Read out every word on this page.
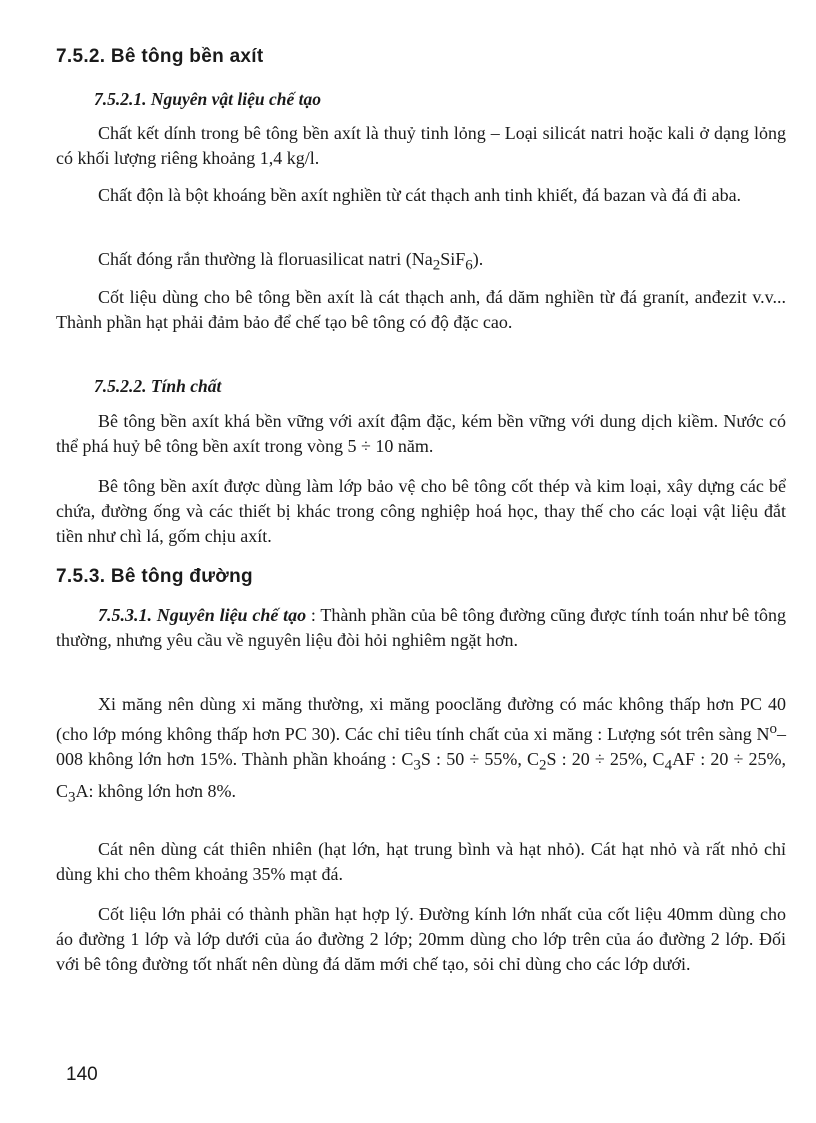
7.5.2. Bê tông bền axít
7.5.2.1. Nguyên vật liệu chế tạo

Chất kết dính trong bê tông bền axít là thuỷ tinh lỏng – Loại silicát natri hoặc kali ở dạng lỏng có khối lượng riêng khoảng 1,4 kg/l.

Chất độn là bột khoáng bền axít nghiền từ cát thạch anh tinh khiết, đá bazan và đá đi aba.

Chất đóng rắn thường là floruasilicat natri $(Na_2SiF_6)$.

Cốt liệu dùng cho bê tông bền axít là cát thạch anh, đá dăm nghiền từ đá granít, anđezit v.v... Thành phần hạt phải đảm bảo để chế tạo bê tông có độ đặc cao.

7.5.2.2. Tính chất

Bê tông bền axít khá bền vững với axít đậm đặc, kém bền vững với dung dịch kiềm. Nước có thể phá huỷ bê tông bền axít trong vòng 5 ÷ 10 năm.

Bê tông bền axít được dùng làm lớp bảo vệ cho bê tông cốt thép và kim loại, xây dựng các bể chứa, đường ống và các thiết bị khác trong công nghiệp hoá học, thay thế cho các loại vật liệu đắt tiền như chì lá, gốm chịu axít.

7.5.3. Bê tông đường

7.5.3.1. Nguyên liệu chế tạo : Thành phần của bê tông đường cũng được tính toán như bê tông thường, nhưng yêu cầu về nguyên liệu đòi hỏi nghiêm ngặt hơn.

Xi măng nên dùng xi măng thường, xi măng pooclăng đường có mác không thấp hơn PC 40 (cho lớp móng không thấp hơn PC 30). Các chỉ tiêu tính chất của xi măng : Lượng sót trên sàng $N^o-008$ không lớn hơn 15%. Thành phần khoáng : $C_3S$ : 50 ÷ 55%, $C_2S$ : 20 ÷ 25%, $C_4AF$ : 20 ÷ 25%, $C_3A$: không lớn hơn 8%.

Cát nên dùng cát thiên nhiên (hạt lớn, hạt trung bình và hạt nhỏ). Cát hạt nhỏ và rất nhỏ chỉ dùng khi cho thêm khoảng 35% mạt đá.

Cốt liệu lớn phải có thành phần hạt hợp lý. Đường kính lớn nhất của cốt liệu 40mm dùng cho áo đường 1 lớp và lớp dưới của áo đường 2 lớp; 20mm dùng cho lớp trên của áo đường 2 lớp. Đối với bê tông đường tốt nhất nên dùng đá dăm mới chế tạo, sỏi chỉ dùng cho các lớp dưới.

140
